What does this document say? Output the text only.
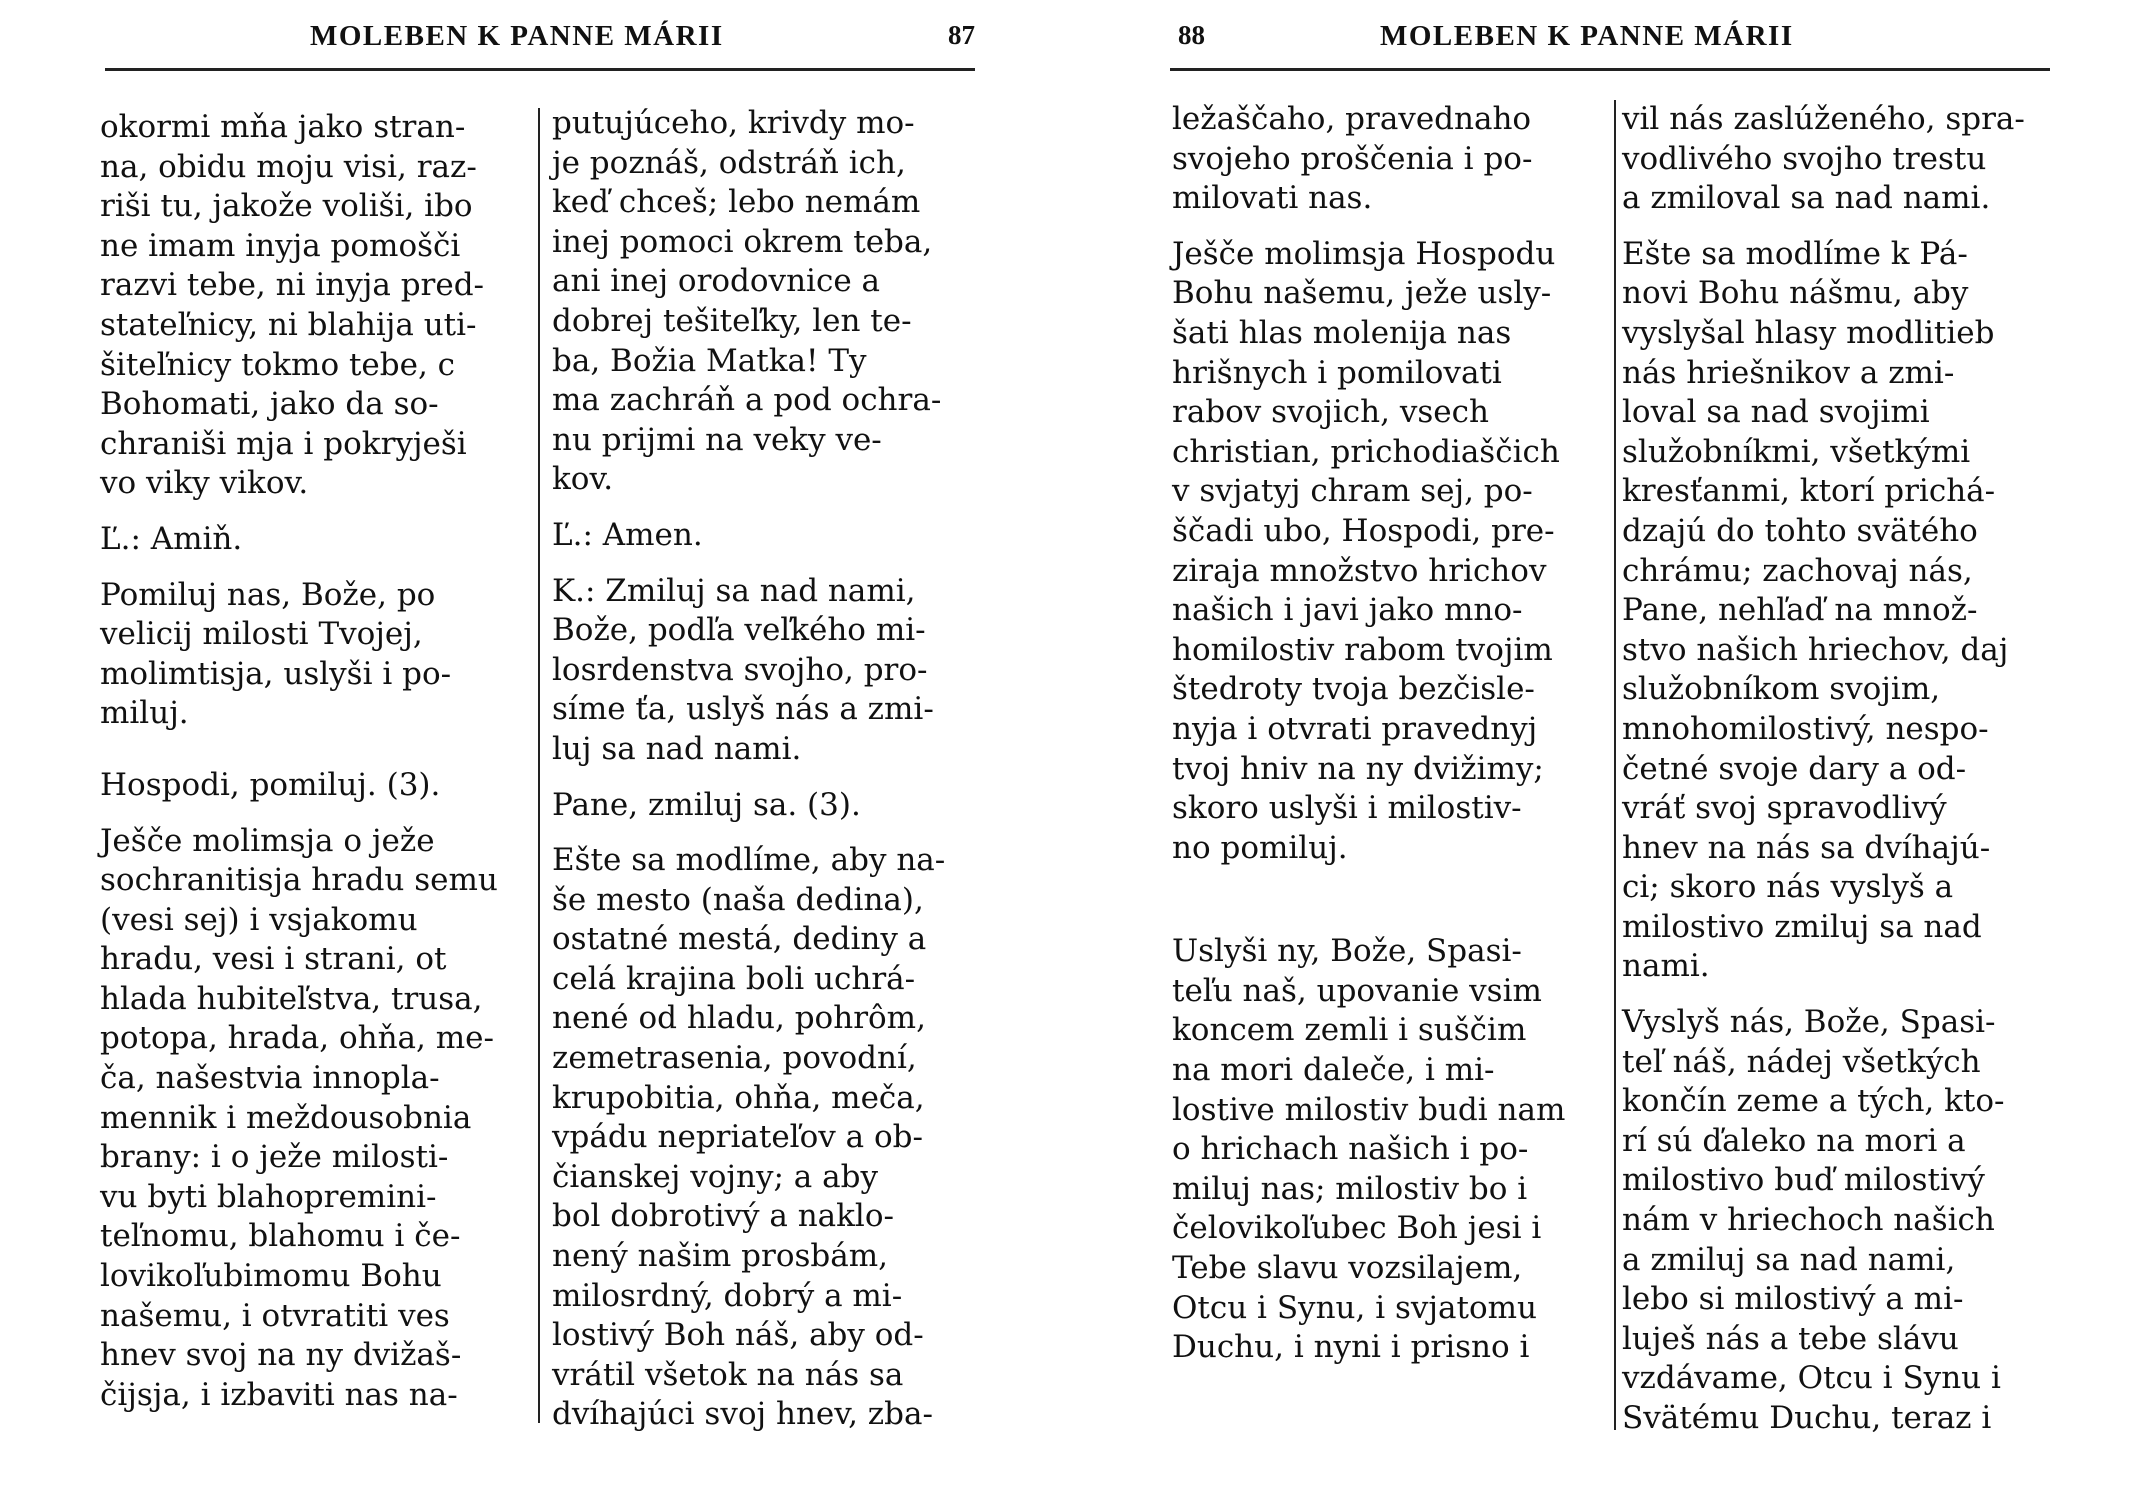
MOLEBEN K PANNE MÁRII	87

okormi mňa jako stran-

na, obidu moju visi, raz-

riši tu, jakože voliši, ibo

ne imam inyja pomošči

razvi tebe, ni inyja pred-

stateľnicy, ni blahija uti-

šiteľnicy tokmo tebe, c

Bohomati, jako da so-

chraniši mja i pokryješi

vo viky vikov.

Ľ.: Amiň.

Pomiluj nas, Bože, po

velicij milosti Tvojej,

molimtisja, uslyši i po-

miluj.

Hospodi, pomiluj. (3).

Ješče molimsja o ježe

sochranitisja hradu semu

(vesi sej) i vsjakomu

hradu, vesi i strani, ot

hlada hubiteľstva, trusa,

potopa, hrada, ohňa, me-

ča, našestvia innopla-

mennik i meždousobnia

brany: i o ježe milosti-

vu byti blahopremini-

teľnomu, blahomu i če-

lovikoľubimomu Bohu

našemu, i otvratiti ves

hnev svoj na ny dvižaš-

čijsja, i izbaviti nas na-

putujúceho, krivdy mo-

je poznáš, odstráň ich,

keď chceš; lebo nemám

inej pomoci okrem teba,

ani inej orodovnice a

dobrej tešiteľky, len te-

ba, Božia Matka! Ty

ma zachráň a pod ochra-

nu prijmi na veky ve-

kov.

Ľ.: Amen.

K.: Zmiluj sa nad nami,

Bože, podľa veľkého mi-

losrdenstva svojho, pro-

síme ťa, uslyš nás a zmi-

luj sa nad nami.

Pane, zmiluj sa. (3).

Ešte sa modlíme, aby na-

še mesto (naša dedina),

ostatné mestá, dediny a

celá krajina boli uchrá-

nené od hladu, pohrôm,

zemetrasenia, povodní,

krupobitia, ohňa, meča,

vpádu nepriateľov a ob-

čianskej vojny; a aby

bol dobrotivý a naklo-

nený našim prosbám,

milosrdný, dobrý a mi-

lostivý Boh náš, aby od-

vrátil všetok na nás sa

dvíhajúci svoj hnev, zba-

88	MOLEBEN K PANNE MÁRII

ležaščaho, pravednaho

svojeho proščenia i po-

milovati nas.

Ješče molimsja Hospodu

Bohu našemu, ježe usly-

šati hlas molenija nas

hrišnych i pomilovati

rabov svojich, vsech

christian, prichodiaščich

v svjatyj chram sej, po-

ščadi ubo, Hospodi, pre-

ziraja množstvo hrichov

našich i javi jako mno-

homilostiv rabom tvojim

štedroty tvoja bezčisle-

nyja i otvrati pravednyj

tvoj hniv na ny dvižimy;

skoro uslyši i milostiv-

no pomiluj.

Uslyši ny, Bože, Spasi-

teľu naš, upovanie vsim

koncem zemli i suščim

na mori daleče, i mi-

lostive milostiv budi nam

o hrichach našich i po-

miluj nas; milostiv bo i

čelovikoľubec Boh jesi i

Tebe slavu vozsilajem,

Otcu i Synu, i svjatomu

Duchu, i nyni i prisno i

vil nás zaslúženého, spra-

vodlivého svojho trestu

a zmiloval sa nad nami.

Ešte sa modlíme k Pá-

novi Bohu nášmu, aby

vyslyšal hlasy modlitieb

nás hriešnikov a zmi-

loval sa nad svojimi

služobníkmi, všetkými

kresťanmi, ktorí prichá-

dzajú do tohto svätého

chrámu; zachovaj nás,

Pane, nehľaď na množ-

stvo našich hriechov, daj

služobníkom svojim,

mnohomilostivý, nespo-

četné svoje dary a od-

vráť svoj spravodlivý

hnev na nás sa dvíhajú-

ci; skoro nás vyslyš a

milostivo zmiluj sa nad

nami.

Vyslyš nás, Bože, Spasi-

teľ náš, nádej všetkých

končín zeme a tých, kto-

rí sú ďaleko na mori a

milostivo buď milostivý

nám v hriechoch našich

a zmiluj sa nad nami,

lebo si milostivý a mi-

luješ nás a tebe slávu

vzdávame, Otcu i Synu i

Svätému Duchu, teraz i
